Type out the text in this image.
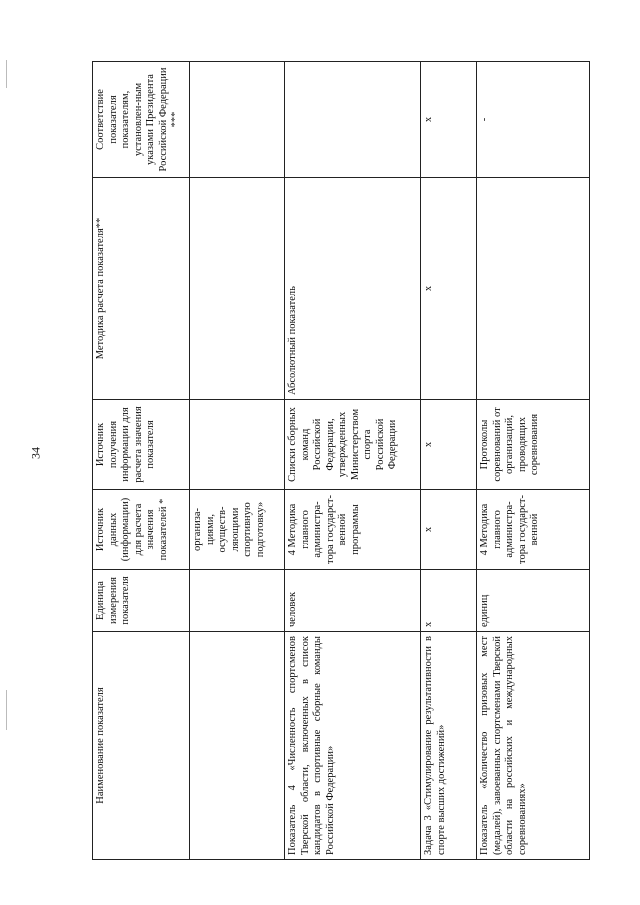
34
Наименование показателя	Единица измерения показателя	Источник данных (информации) для расчета значения показателей *	Источник получения информации для расчета значения показателя	Методика расчета показателя**	Соответствие показателя показателям, установлен-ным указами Президента Российской Федерации ***
		организа-циями, осуществ-ляющими спортивную подготовку»			
Показатель 4 «Численность спортсменов Тверской области, включенных в список кандидатов в спортивные сборные команды Российской Федерации»	человек	4 Методика главного администра-тора государст-венной программы	Списки сборных команд Российской Федерации, утвержденных Министерством спорта Российской Федерации	Абсолютный показатель	
Задача 3 «Стимулирование результативности в спорте высших достижений»	х	х	х	х	х
Показатель «Количество призовых мест (медалей), завоеванных спортсменами Тверской области на российских и международных соревнованиях»	единиц	4 Методика главного администра-тора государст-венной	Протоколы соревнований от организаций, проводящих соревнования		-
